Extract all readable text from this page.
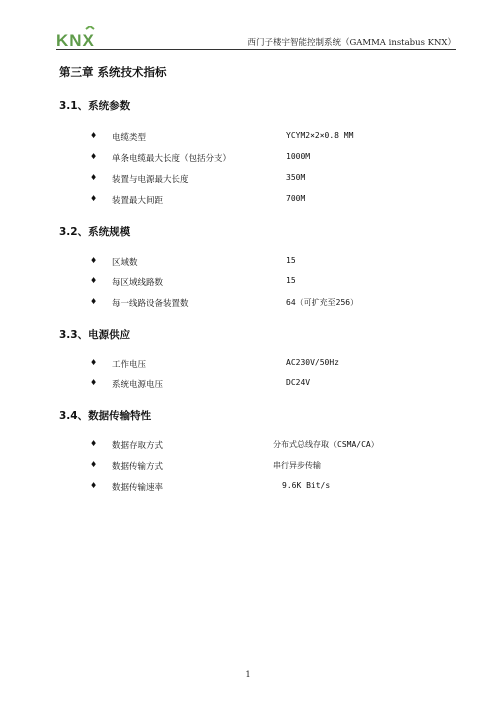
KNX	西门子楼宇智能控制系统（GAMMA instabus KNX）
第三章 系统技术指标
3.1、系统参数
♦ 电缆类型	YCYM2×2×0.8 MM
♦ 单条电缆最大长度（包括分支）	1000M
♦ 装置与电源最大长度	350M
♦ 装置最大间距	700M
3.2、系统规模
♦ 区域数	15
♦ 每区域线路数	15
♦ 每一线路设备装置数	64（可扩充至256）
3.3、电源供应
♦ 工作电压	AC230V/50Hz
♦ 系统电源电压	DC24V
3.4、数据传输特性
♦ 数据存取方式	分布式总线存取（CSMA/CA）
♦ 数据传输方式	串行异步传输
♦ 数据传输速率	9.6K Bit/s
1
